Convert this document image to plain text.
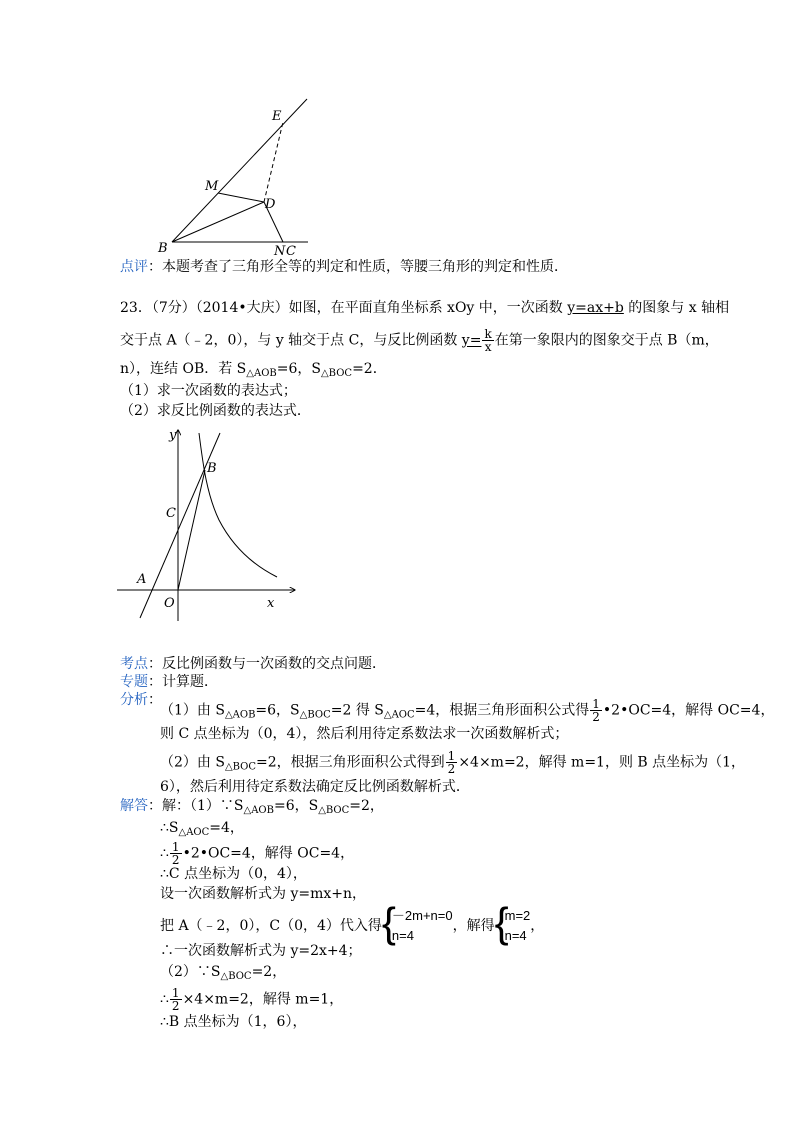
E
M
D
B	N C
点评：本题考查了三角形全等的判定和性质，等腰三角形的判定和性质．
23．（7分）（2014•大庆）如图，在平面直角坐标系 xOy 中，一次函数 y=ax+b 的图象与 x 轴相
交于点 A（﹣2，0），与 y 轴交于点 C，与反比例函数 $y= \frac{k}{x}$ 在第一象限内的图象交于点 B（m，
n），连结 OB．若 $S_{\triangle AOB}=6$，$S_{\triangle BOC}=2$．
（1）求一次函数的表达式；
（2）求反比例函数的表达式．
y
B
C
A
O	x
考点：反比例函数与一次函数的交点问题．
专题：计算题．
分析：
（1）由 $S_{\triangle AOB}=6$，$S_{\triangle BOC}=2$ 得 $S_{\triangle AOC}=4$，根据三角形面积公式得 $\frac{1}{2}$ •2•OC=4，解得 OC=4，
则 C 点坐标为（0，4），然后利用待定系数法求一次函数解析式；
（2）由 $S_{\triangle BOC}=2$，根据三角形面积公式得到 $\frac{1}{2} \times 4\times m=2$，解得 m=1，则 B 点坐标为（1，
6），然后利用待定系数法确定反比例函数解析式．
解答：解：$(1)\because S_{\triangle AOB}=6$，$S_{\triangle BOC}=2$，
$\therefore S_{\triangle AOC}=4$，
∴ $\frac{1}{2}$ •2•OC=4，解得 OC=4，
∴C 点坐标为（0，4），
设一次函数解析式为 y=mx+n，
把 A（﹣2，0），C（0，4）代入得 {
－2m+n=0
n=4
，解得 {
m=2
n=4
，
∴一次函数解析式为 y=2x+4；
$(2)\because S_{\triangle BOC}=2$，
∴ $\frac{1}{2} \times 4\times m=2$，解得 m=1，
∴B 点坐标为（1，6），
